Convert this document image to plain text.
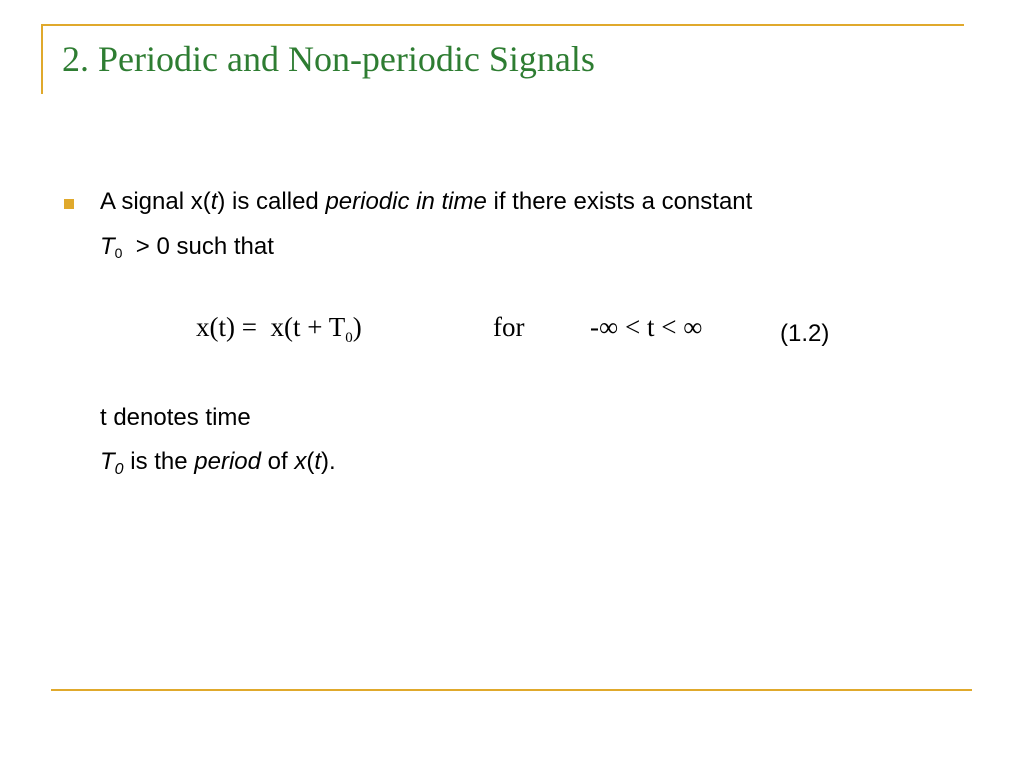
2. Periodic and Non-periodic Signals
A signal x(t) is called periodic in time if there exists a constant
T0  > 0 such that
$x(t) = x(t + T_0)$	for -∞ < t < ∞	(1.2)
t denotes time
$T_0$ is the period of x(t).
